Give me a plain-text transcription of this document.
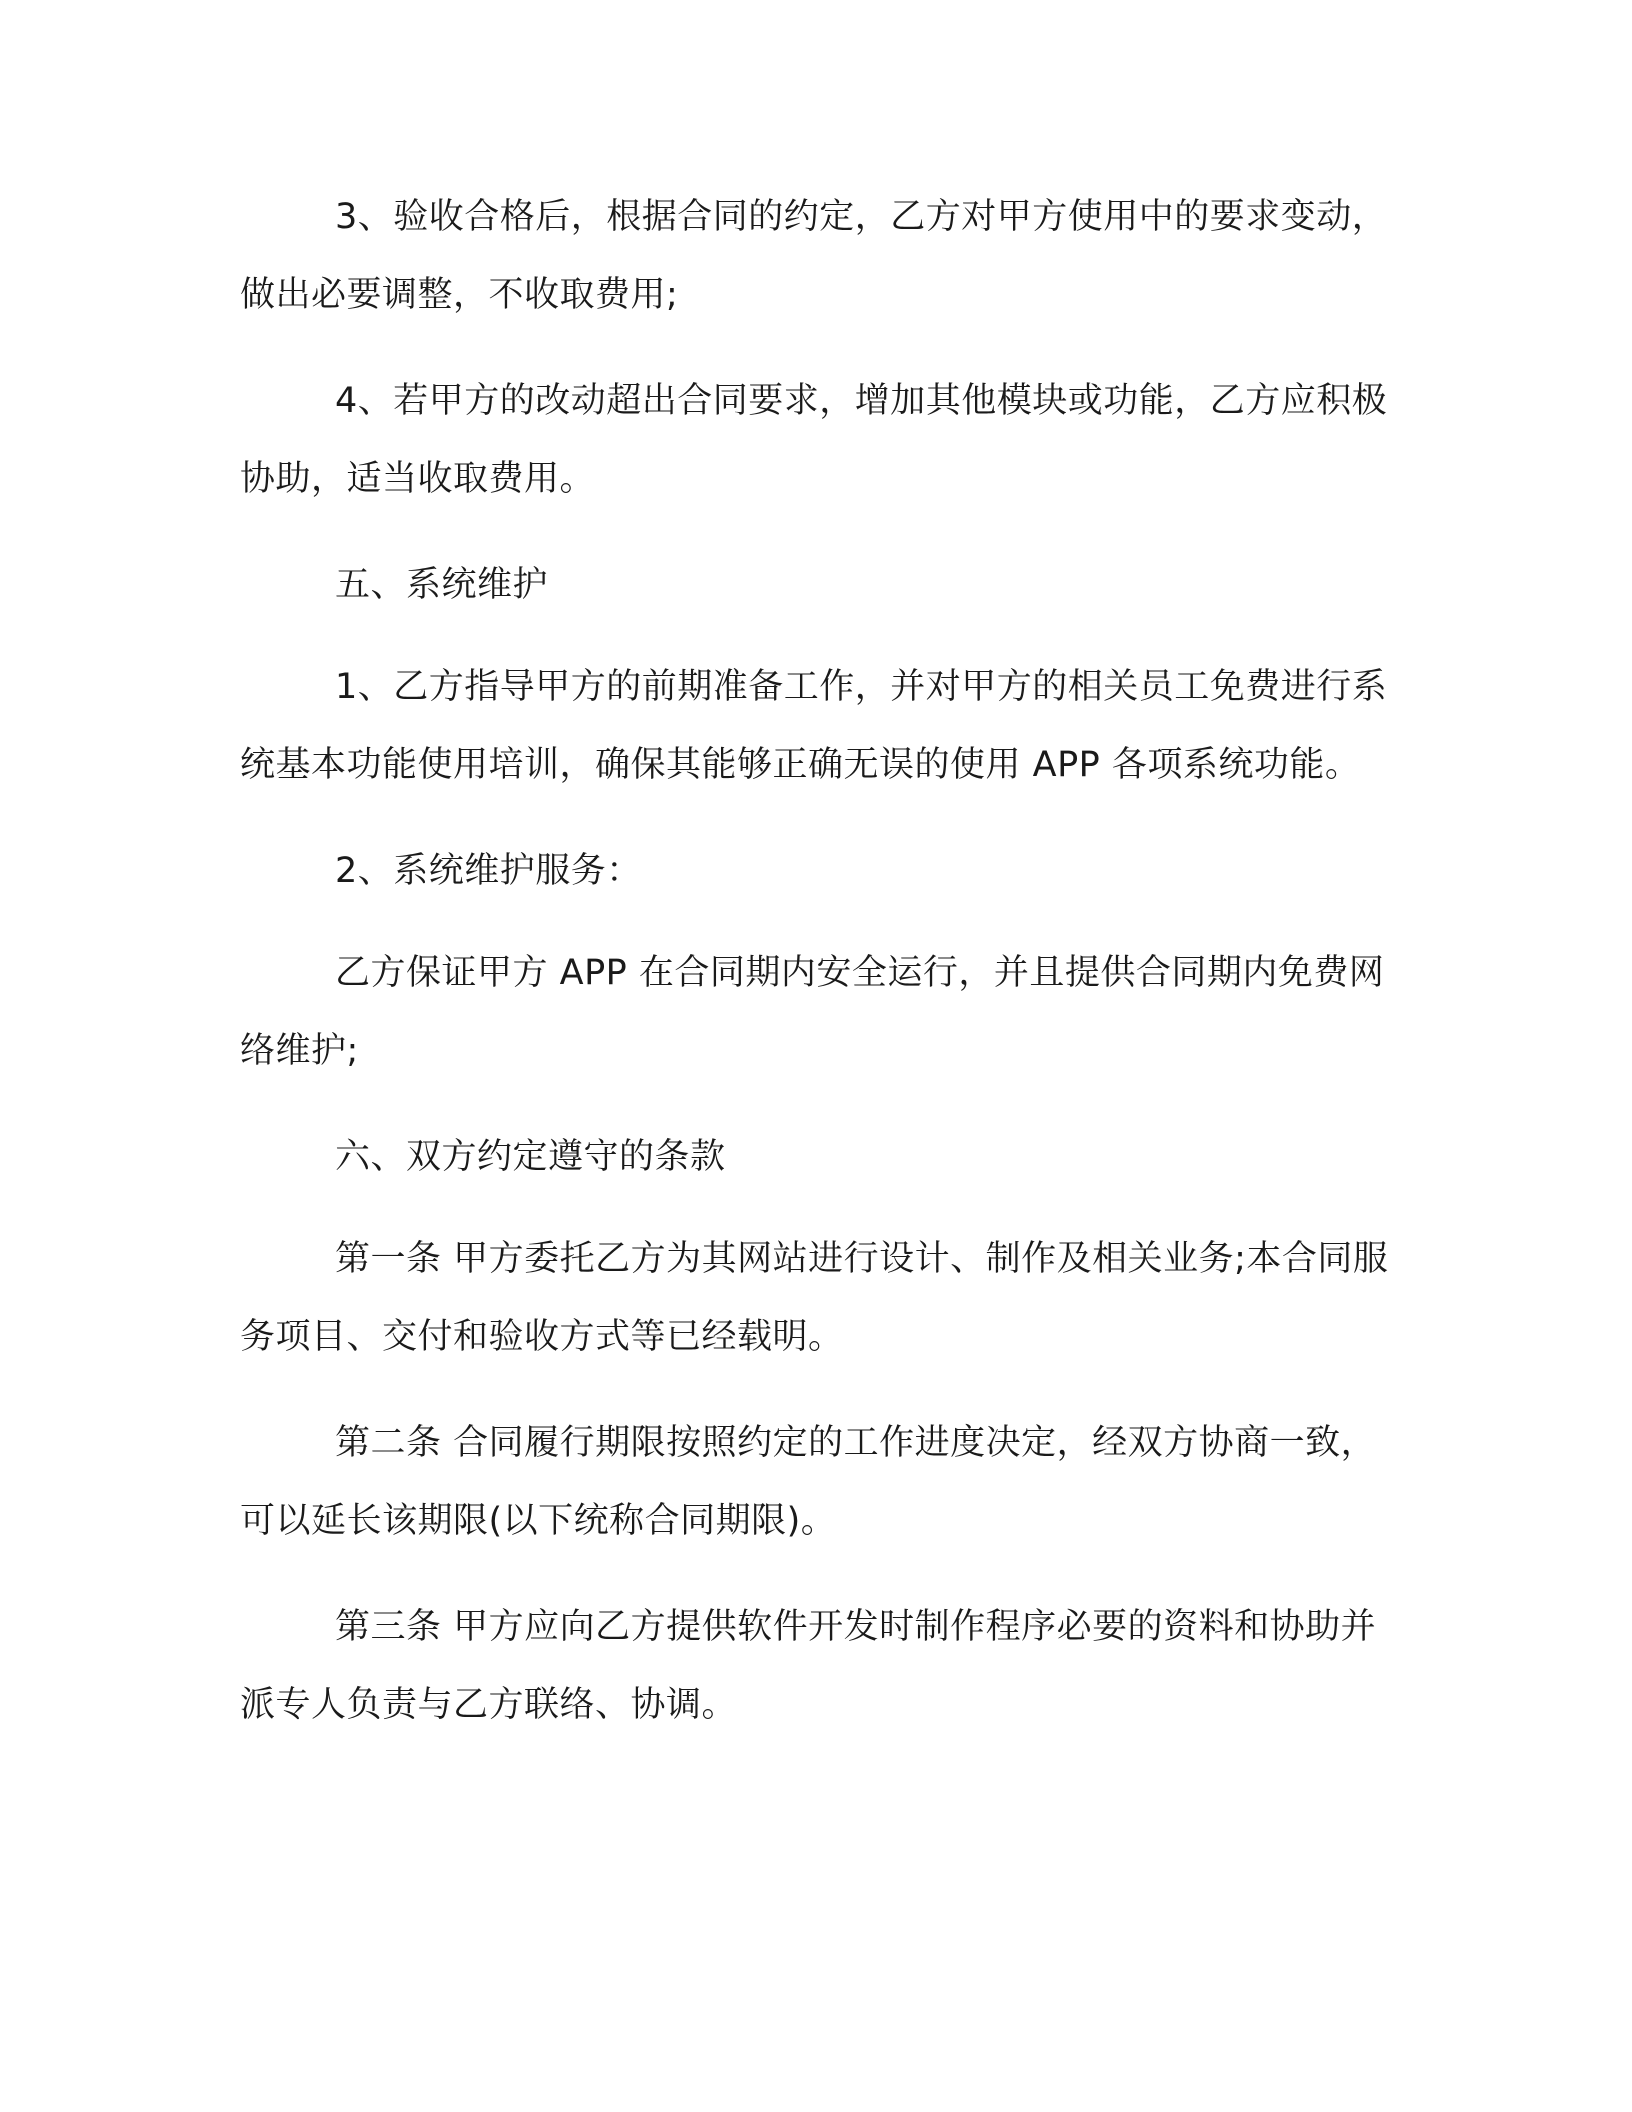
3、验收合格后，根据合同的约定，乙方对甲方使用中的要求变动，做出必要调整，不收取费用;

4、若甲方的改动超出合同要求，增加其他模块或功能，乙方应积极协助，适当收取费用。

五、系统维护

1、乙方指导甲方的前期准备工作，并对甲方的相关员工免费进行系统基本功能使用培训，确保其能够正确无误的使用 APP 各项系统功能。

2、系统维护服务：

乙方保证甲方 APP 在合同期内安全运行，并且提供合同期内免费网络维护;

六、双方约定遵守的条款

第一条 甲方委托乙方为其网站进行设计、制作及相关业务;本合同服务项目、交付和验收方式等已经载明。

第二条 合同履行期限按照约定的工作进度决定，经双方协商一致，可以延长该期限(以下统称合同期限)。

第三条 甲方应向乙方提供软件开发时制作程序必要的资料和协助并派专人负责与乙方联络、协调。
